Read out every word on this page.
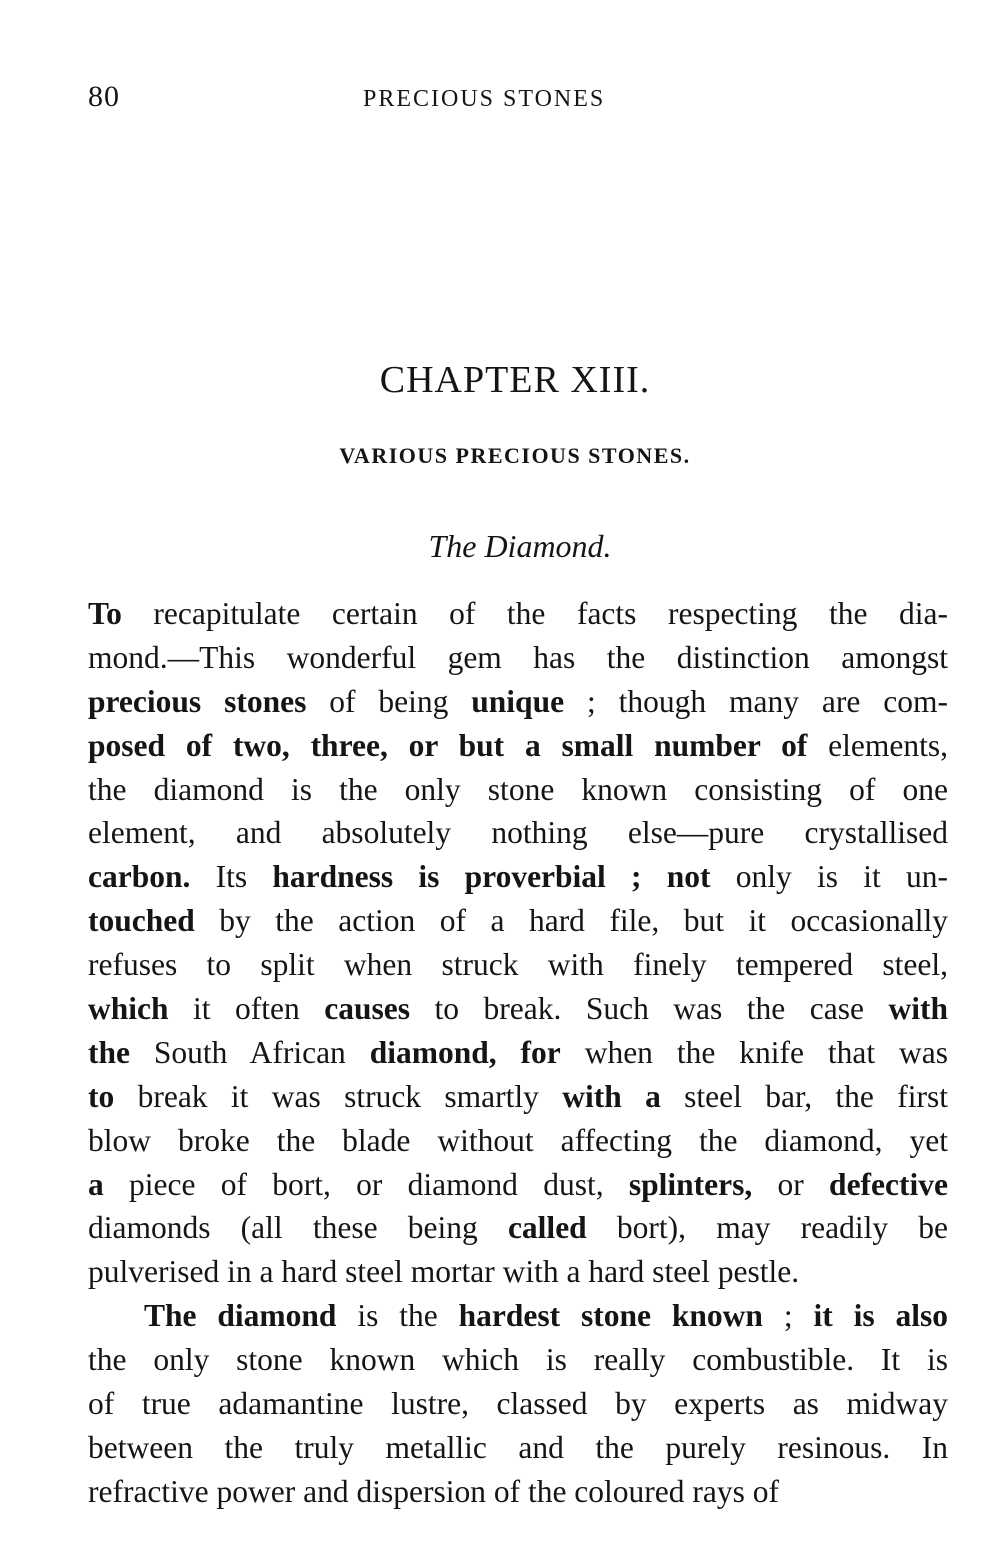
80	PRECIOUS STONES
CHAPTER XIII.
VARIOUS PRECIOUS STONES.
The Diamond.
To recapitulate certain of the facts respecting the dia-
mond.—This wonderful gem has the distinction amongst
precious stones of being unique ; though many are com-
posed of two, three, or but a small number of elements,
the diamond is the only stone known consisting of one
element, and absolutely nothing else—pure crystallised
carbon. Its hardness is proverbial ; not only is it un-
touched by the action of a hard file, but it occasionally
refuses to split when struck with finely tempered steel,
which it often causes to break. Such was the case with
the South African diamond, for when the knife that was
to break it was struck smartly with a steel bar, the first
blow broke the blade without affecting the diamond, yet
a piece of bort, or diamond dust, splinters, or defective
diamonds (all these being called bort), may readily be
pulverised in a hard steel mortar with a hard steel pestle.
The diamond is the hardest stone known ; it is also
the only stone known which is really combustible. It is
of true adamantine lustre, classed by experts as midway
between the truly metallic and the purely resinous. In
refractive power and dispersion of the coloured rays of
